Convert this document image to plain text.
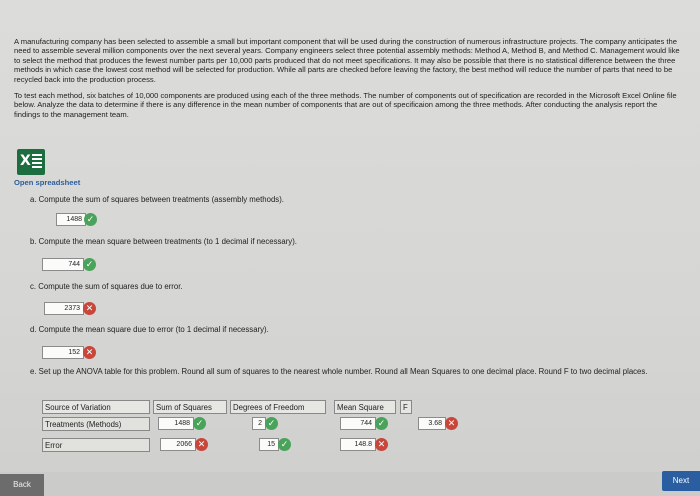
A manufacturing company has been selected to assemble a small but important component that will be used during the construction of numerous infrastructure projects. The company anticipates the need to assemble several million components over the next several years. Company engineers select three potential assembly methods: Method A, Method B, and Method C. Management would like to select the method that produces the fewest number parts per 10,000 parts produced that do not meet specifications. It may also be possible that there is no statistical difference between the three methods in which case the lowest cost method will be selected for production. While all parts are checked before leaving the factory, the best method will reduce the number of parts that need to be recycled back into the production process.

To test each method, six batches of 10,000 components are produced using each of the three methods. The number of components out of specification are recorded in the Microsoft Excel Online file below. Analyze the data to determine if there is any difference in the mean number of components that are out of specificaion among the three methods. After conducting the analysis report the findings to the management team.

X
Open spreadsheet
a. Compute the sum of squares between treatments (assembly methods).
1488 ✓
b. Compute the mean square between treatments (to 1 decimal if necessary).
744 ✓
c. Compute the sum of squares due to error.
2373 ✕
d. Compute the mean square due to error (to 1 decimal if necessary).
152 ✕
e. Set up the ANOVA table for this problem. Round all sum of squares to the nearest whole number. Round all Mean Squares to one decimal place. Round F to two decimal places.
Source of Variation	Sum of Squares	Degrees of Freedom	Mean Square	F
Treatments (Methods)	1488 ✓	2 ✓	744 ✓	3.68 ✕
Error	2066 ✕	15 ✓	148.8 ✕
Back	Next
